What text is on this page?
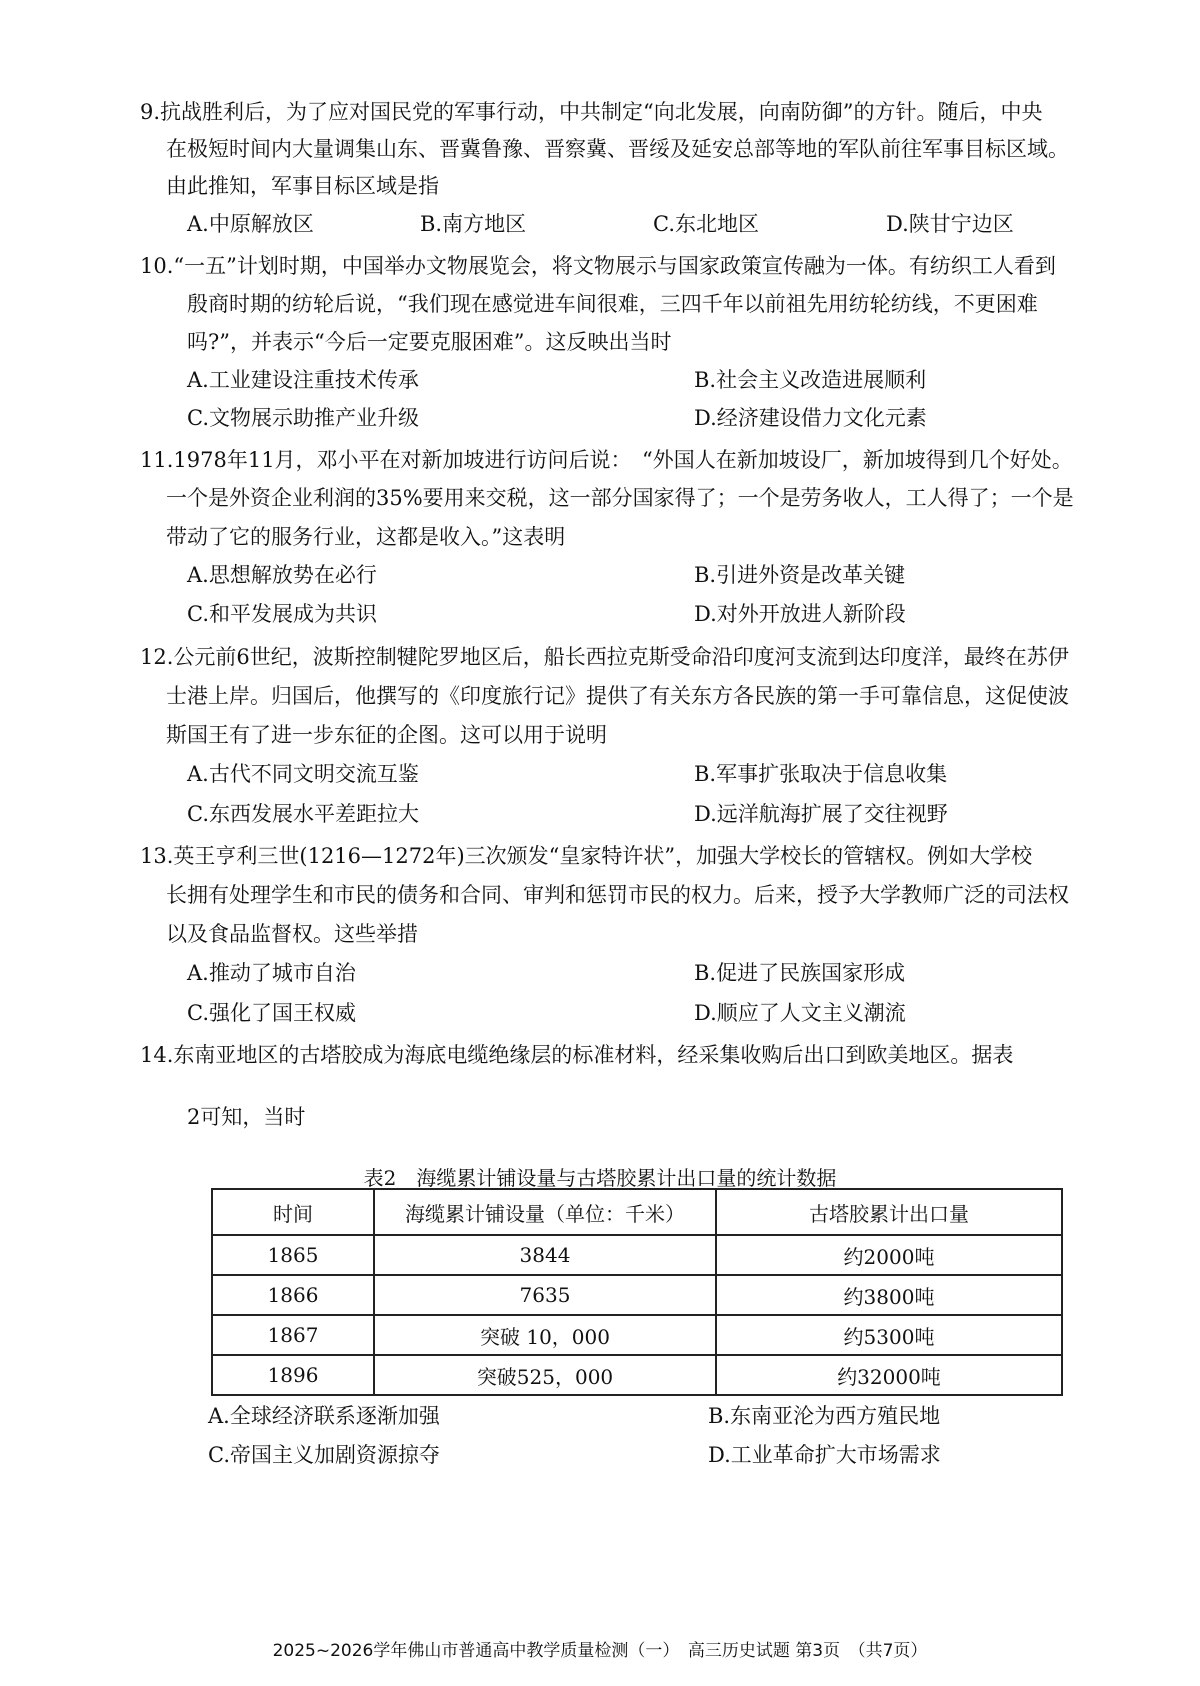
9.抗战胜利后，为了应对国民党的军事行动，中共制定“向北发展，向南防御”的方针。随后，中央
在极短时间内大量调集山东、晋冀鲁豫、晋察冀、晋绥及延安总部等地的军队前往军事目标区域。
由此推知，军事目标区域是指
A.中原解放区	B.南方地区	C.东北地区	D.陕甘宁边区
10.“一五”计划时期，中国举办文物展览会，将文物展示与国家政策宣传融为一体。有纺织工人看到
殷商时期的纺轮后说，“我们现在感觉进车间很难，三四千年以前祖先用纺轮纺线，不更困难
吗?”，并表示“今后一定要克服困难”。这反映出当时
A.工业建设注重技术传承	B.社会主义改造进展顺利
C.文物展示助推产业升级	D.经济建设借力文化元素
11.1978年11月，邓小平在对新加坡进行访问后说：　“外国人在新加坡设厂，新加坡得到几个好处。
一个是外资企业利润的35%要用来交税，这一部分国家得了；一个是劳务收人，工人得了；一个是
带动了它的服务行业，这都是收入。”这表明
A.思想解放势在必行	B.引进外资是改革关键
C.和平发展成为共识	D.对外开放进人新阶段
12.公元前6世纪，波斯控制犍陀罗地区后，船长西拉克斯受命沿印度河支流到达印度洋，最终在苏伊
士港上岸。归国后，他撰写的《印度旅行记》提供了有关东方各民族的第一手可靠信息，这促使波
斯国王有了进一步东征的企图。这可以用于说明
A.古代不同文明交流互鉴	B.军事扩张取决于信息收集
C.东西发展水平差距拉大	D.远洋航海扩展了交往视野
13.英王亨利三世(1216—1272年)三次颁发“皇家特许状”，加强大学校长的管辖权。例如大学校
长拥有处理学生和市民的债务和合同、审判和惩罚市民的权力。后来，授予大学教师广泛的司法权
以及食品监督权。这些举措
A.推动了城市自治	B.促进了民族国家形成
C.强化了国王权威	D.顺应了人文主义潮流
14.东南亚地区的古塔胶成为海底电缆绝缘层的标准材料，经采集收购后出口到欧美地区。据表
2可知，当时
表2　海缆累计铺设量与古塔胶累计出口量的统计数据
时间	海缆累计铺设量（单位：千米）	古塔胶累计出口量
1865	3844	约2000吨
1866	7635	约3800吨
1867	突破 10，000	约5300吨
1896	突破525，000	约32000吨
A.全球经济联系逐渐加强	B.东南亚沦为西方殖民地
C.帝国主义加剧资源掠夺	D.工业革命扩大市场需求
2025~2026学年佛山市普通高中教学质量检测（一）　高三历史试题 第3页　（共7页）
